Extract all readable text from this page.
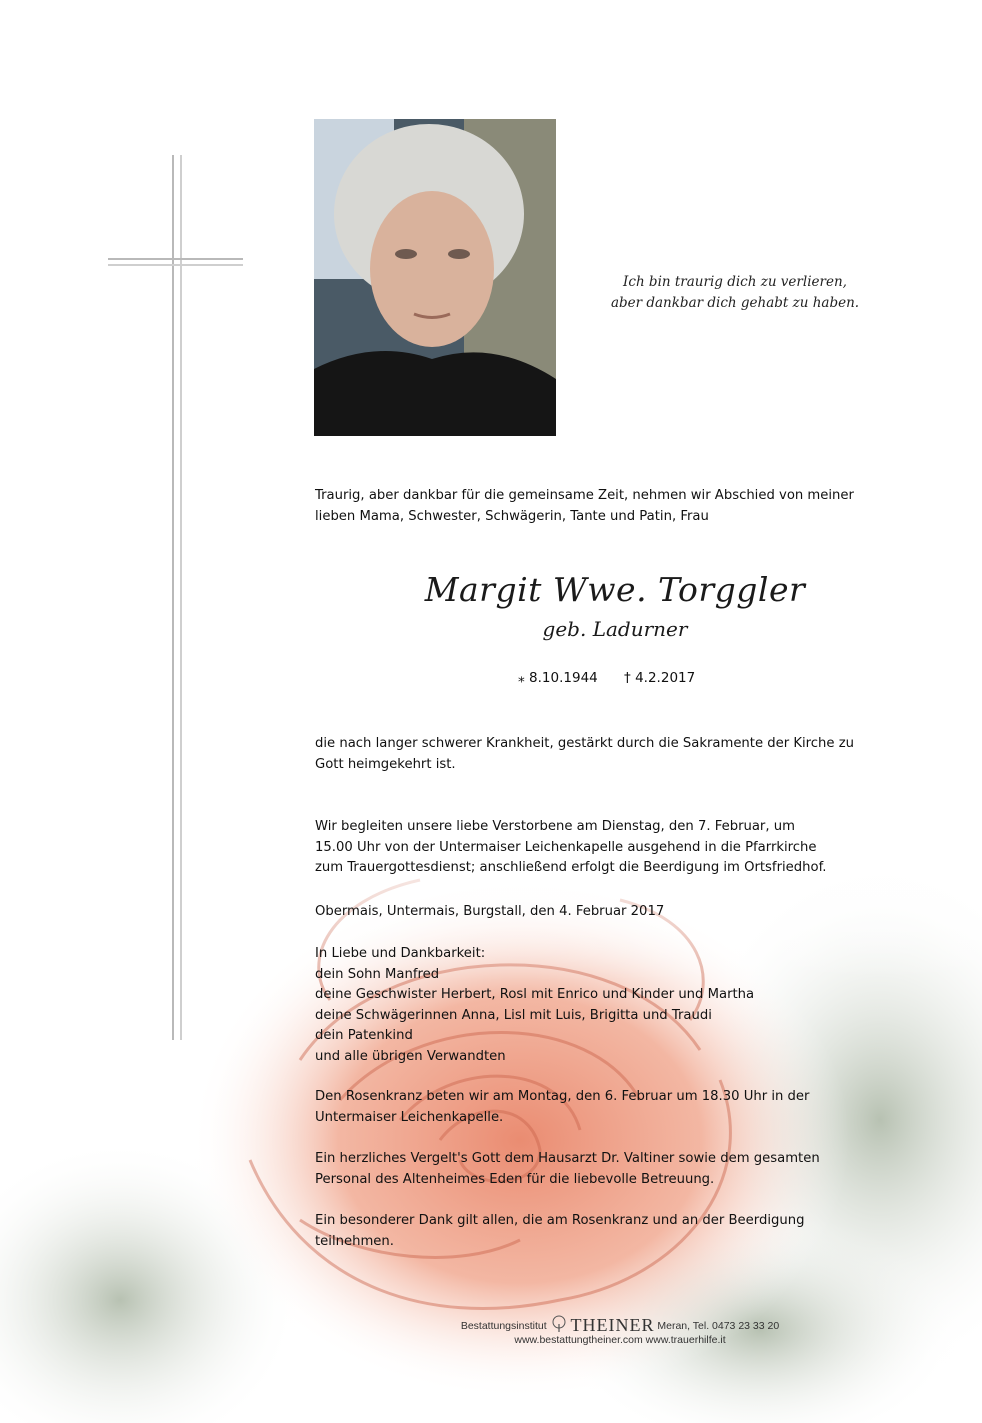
Ich bin traurig dich zu verlieren,
aber dankbar dich gehabt zu haben.
Traurig, aber dankbar für die gemeinsame Zeit, nehmen wir Abschied von meiner
lieben Mama, Schwester, Schwägerin, Tante und Patin, Frau
Margit Wwe. Torggler
geb. Ladurner
⁎ 8.10.1944 † 4.2.2017
die nach langer schwerer Krankheit, gestärkt durch die Sakramente der Kirche zu
Gott heimgekehrt ist.
Wir begleiten unsere liebe Verstorbene am Dienstag, den 7. Februar, um
15.00 Uhr von der Untermaiser Leichenkapelle ausgehend in die Pfarrkirche
zum Trauergottesdienst; anschließend erfolgt die Beerdigung im Ortsfriedhof.
Obermais, Untermais, Burgstall, den 4. Februar 2017
In Liebe und Dankbarkeit:
dein Sohn Manfred
deine Geschwister Herbert, Rosl mit Enrico und Kinder und Martha
deine Schwägerinnen Anna, Lisl mit Luis, Brigitta und Traudi
dein Patenkind
und alle übrigen Verwandten
Den Rosenkranz beten wir am Montag, den 6. Februar um 18.30 Uhr in der
Untermaiser Leichenkapelle.
Ein herzliches Vergelt's Gott dem Hausarzt Dr. Valtiner sowie dem gesamten
Personal des Altenheimes Eden für die liebevolle Betreuung.
Ein besonderer Dank gilt allen, die am Rosenkranz und an der Beerdigung
teilnehmen.
Bestattungsinstitut THEINER Meran, Tel. 0473 23 33 20
www.bestattungtheiner.com www.trauerhilfe.it
